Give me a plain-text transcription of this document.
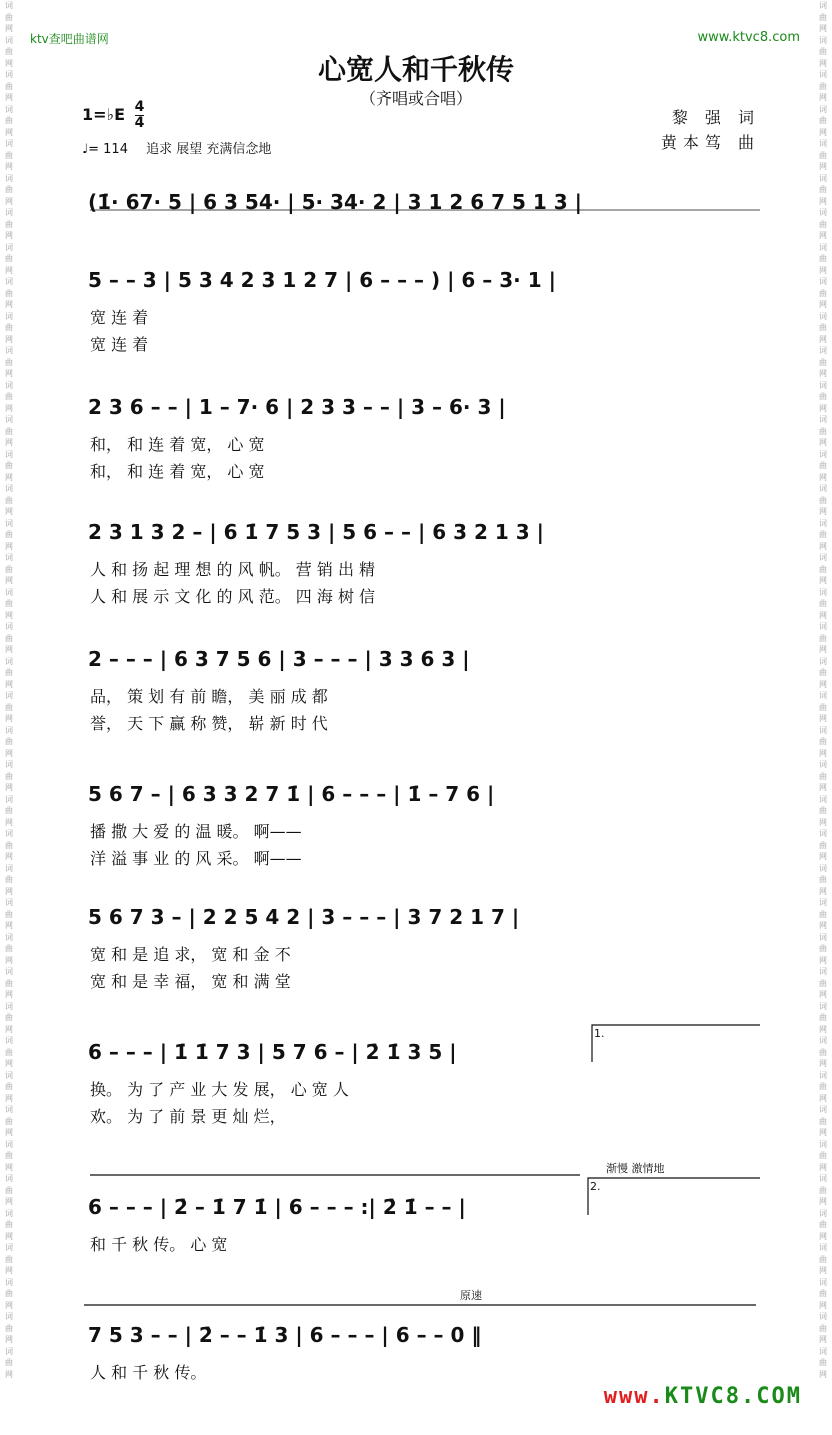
词曲网词曲网词曲网词曲网词曲网词曲网词曲网词曲网词曲网词曲网词曲网词曲网词曲网词曲网词曲网词曲网词曲网词曲网词曲网词曲网词曲网词曲网词曲网词曲网词曲网词曲网词曲网词曲网词曲网词曲网词曲网词曲网词曲网词曲网词曲网词曲网词曲网词曲网词曲网词曲网
词曲网词曲网词曲网词曲网词曲网词曲网词曲网词曲网词曲网词曲网词曲网词曲网词曲网词曲网词曲网词曲网词曲网词曲网词曲网词曲网词曲网词曲网词曲网词曲网词曲网词曲网词曲网词曲网词曲网词曲网词曲网词曲网词曲网词曲网词曲网词曲网词曲网词曲网词曲网词曲网
ktv查吧曲谱网	www.ktvc8.com
心宽人和千秋传
（齐唱或合唱）
1=♭E $\frac{4}{4}$
♩= 114 追求 展望 充满信念地
黎 强 词
黄本笃 曲
(1̇· 67· 5 | 6 3 54· | 5· 34· 2 | 3 1 2 6 7 5 1 3 |
5 – – 3 | 5 3 4 2 3 1 2 7 | 6 – – – ) | 6 – 3· 1 |
宽 连 着
宽 连 着
2 3 6 – – | 1 – 7· 6 | 2 3 3 – – | 3 – 6· 3 |
和， 和 连 着 宽， 心 宽
和， 和 连 着 宽， 心 宽
2 3 1 3 2 – | 6 1̇ 7 5 3 | 5 6 – – | 6 3 2 1 3 |
人 和 扬 起 理 想 的 风 帆。 营 销 出 精
人 和 展 示 文 化 的 风 范。 四 海 树 信
2 – – – | 6 3 7 5 6 | 3 – – – | 3 3 6 3 |
品， 策 划 有 前 瞻， 美 丽 成 都
誉， 天 下 赢 称 赞， 崭 新 时 代
5 6 7 – | 6 3 3 2 7 1̇ | 6 – – – | 1̇ – 7 6 |
播 撒 大 爱 的 温 暖。 啊——
洋 溢 事 业 的 风 采。 啊——
5 6 7 3 – | 2 2 5 4 2 | 3 – – – | 3 7 2 1 7 |
宽 和 是 追 求， 宽 和 金 不
宽 和 是 幸 福， 宽 和 满 堂
6 – – – | 1̇ 1̇ 7 3 | 5 7 6 – | 2̇ 1̇ 3 5 |
换。 为 了 产 业 大 发 展， 心 宽 人
欢。 为 了 前 景 更 灿 烂，
6 – – – | 2̇ – 1̇ 7 1̇ | 6 – – – :| 2̇ 1̇ – – |
和 千 秋 传。 心 宽
7 5 3 – – | 2̇ – – 1̇ 3 | 6 – – – | 6 – – 0 ‖
人 和 千 秋 传。
1.
2.
渐慢 激情地
原速
www.KTVC8.COM
